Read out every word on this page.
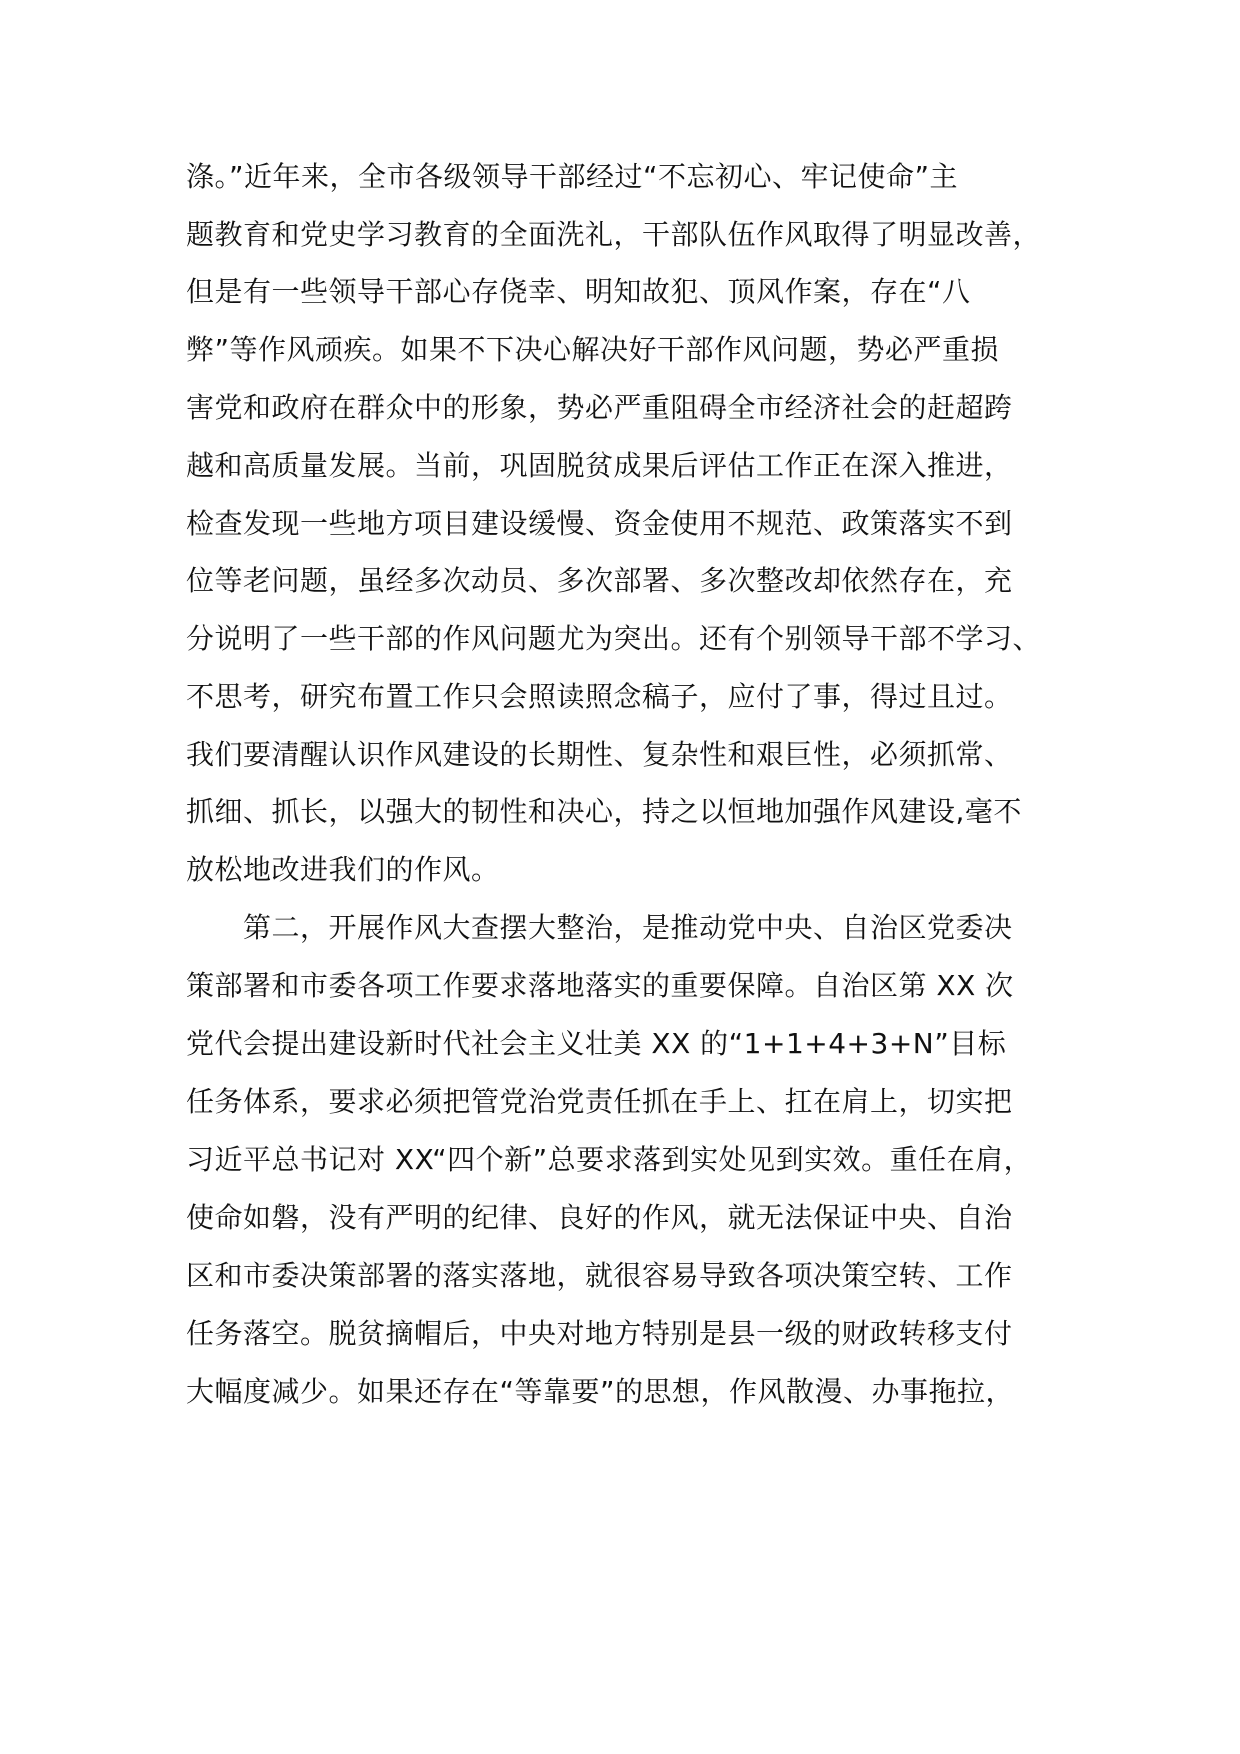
涤。”近年来，全市各级领导干部经过“不忘初心、牢记使命”主
题教育和党史学习教育的全面洗礼，干部队伍作风取得了明显改善，
但是有一些领导干部心存侥幸、明知故犯、顶风作案，存在“八
弊”等作风顽疾。如果不下决心解决好干部作风问题，势必严重损
害党和政府在群众中的形象，势必严重阻碍全市经济社会的赶超跨
越和高质量发展。当前，巩固脱贫成果后评估工作正在深入推进，
检查发现一些地方项目建设缓慢、资金使用不规范、政策落实不到
位等老问题，虽经多次动员、多次部署、多次整改却依然存在，充
分说明了一些干部的作风问题尤为突出。还有个别领导干部不学习、
不思考，研究布置工作只会照读照念稿子，应付了事，得过且过。
我们要清醒认识作风建设的长期性、复杂性和艰巨性，必须抓常、
抓细、抓长，以强大的韧性和决心，持之以恒地加强作风建设,毫不
放松地改进我们的作风。
第二，开展作风大查摆大整治，是推动党中央、自治区党委决
策部署和市委各项工作要求落地落实的重要保障。自治区第 XX 次
党代会提出建设新时代社会主义壮美 XX 的“1+1+4+3+N”目标
任务体系，要求必须把管党治党责任抓在手上、扛在肩上，切实把
习近平总书记对 XX“四个新”总要求落到实处见到实效。重任在肩，
使命如磐，没有严明的纪律、良好的作风，就无法保证中央、自治
区和市委决策部署的落实落地，就很容易导致各项决策空转、工作
任务落空。脱贫摘帽后，中央对地方特别是县一级的财政转移支付
大幅度减少。如果还存在“等靠要”的思想，作风散漫、办事拖拉，
